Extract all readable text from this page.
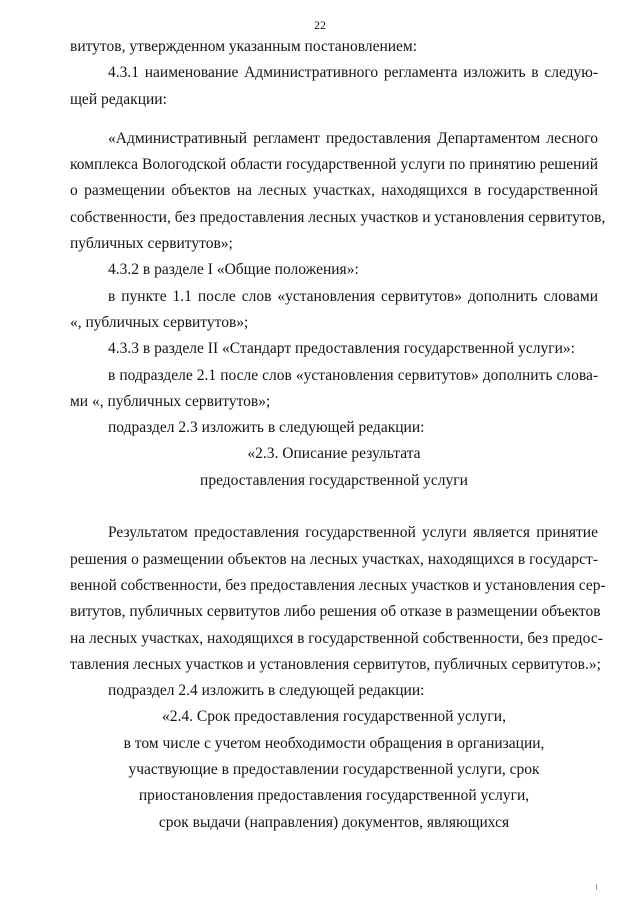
22
витутов, утвержденном указанным постановлением:
4.3.1 наименование Административного регламента изложить в следую-
щей редакции:
«Административный регламент предоставления Департаментом лесного
комплекса Вологодской области государственной услуги по принятию решений
о размещении объектов на лесных участках, находящихся в государственной
собственности, без предоставления лесных участков и установления сервитутов,
публичных сервитутов»;
4.3.2 в разделе I «Общие положения»:
в пункте 1.1 после слов «установления сервитутов» дополнить словами
«, публичных сервитутов»;
4.3.3 в разделе II «Стандарт предоставления государственной услуги»:
в подразделе 2.1 после слов «установления сервитутов» дополнить слова-
ми «, публичных сервитутов»;
подраздел 2.3 изложить в следующей редакции:
«2.3. Описание результата
предоставления государственной услуги
Результатом предоставления государственной услуги является принятие
решения о размещении объектов на лесных участках, находящихся в государст-
венной собственности, без предоставления лесных участков и установления сер-
витутов, публичных сервитутов либо решения об отказе в размещении объектов
на лесных участках, находящихся в государственной собственности, без предос-
тавления лесных участков и установления сервитутов, публичных сервитутов.»;
подраздел 2.4 изложить в следующей редакции:
«2.4. Срок предоставления государственной услуги,
в том числе с учетом необходимости обращения в организации,
участвующие в предоставлении государственной услуги, срок
приостановления предоставления государственной услуги,
срок выдачи (направления) документов, являющихся
